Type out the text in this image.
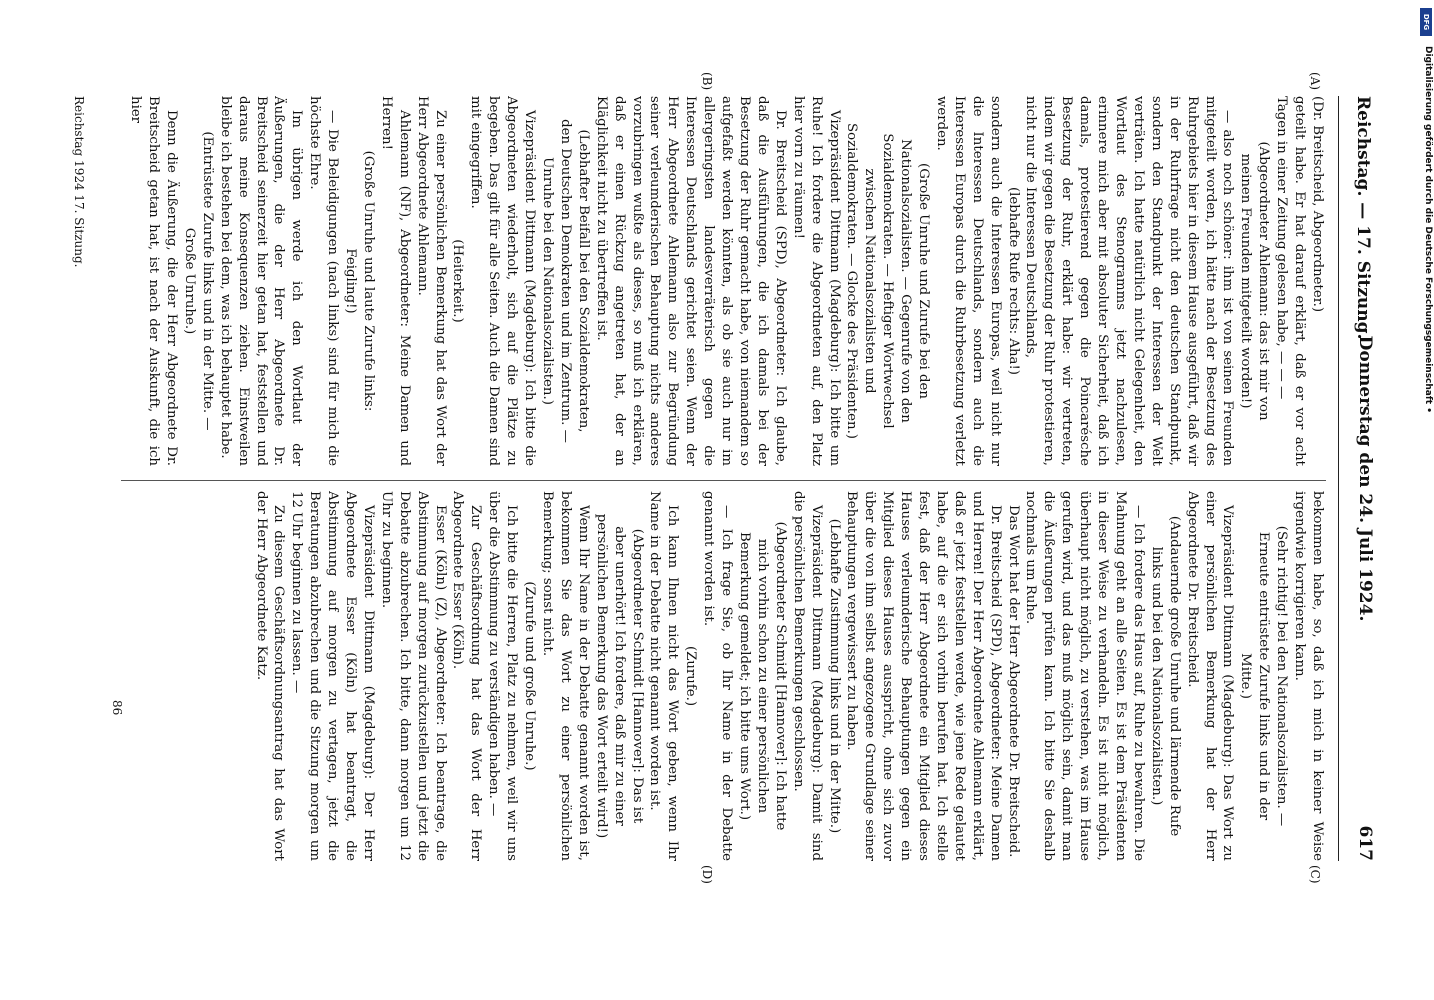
Reichstag. — 17. Sitzung.
Donnerstag den 24. Juli 1924.
617
(A)
(B)
(C)
(D)

(Dr. Breitscheid, Abgeordneter.)

geteilt habe. Er hat darauf erklärt, daß er vor acht Tagen in einer Zeitung gelesen habe, — — —

(Abgeordneter Ahlemann: das ist mir von meinen Freunden mitgeteilt worden!)

— also noch schöner: ihm ist von seinen Freunden mitgeteilt worden, ich hätte nach der Besetzung des Ruhrgebiets hier in diesem Hause ausgeführt, daß wir in der Ruhrfrage nicht den deutschen Standpunkt, sondern den Standpunkt der Interessen der Welt verträten. Ich hatte natürlich nicht Gelegenheit, den Wortlaut des Stenogramms jetzt nachzulesen, erinnere mich aber mit absoluter Sicherheit, daß ich damals, protestierend gegen die Poincarésche Besetzung der Ruhr, erklärt habe: wir vertreten, indem wir gegen die Besetzung der Ruhr protestieren, nicht nur die Interessen Deutschlands,

(lebhafte Rufe rechts: Aha!)

sondern auch die Interessen Europas, weil nicht nur die Interessen Deutschlands, sondern auch die Interessen Europas durch die Ruhrbesetzung verletzt werden.

(Große Unruhe und Zurufe bei den Nationalsozialisten. — Gegenrufe von den Sozialdemokraten. — Heftiger Wortwechsel zwischen Nationalsozialisten und Sozialdemokraten. — Glocke des Präsidenten.)

Vizepräsident Dittmann (Magdeburg): Ich bitte um Ruhe! Ich fordere die Abgeordneten auf, den Platz hier vorn zu räumen!

Dr. Breitscheid (SPD), Abgeordneter: Ich glaube, daß die Ausführungen, die ich damals bei der Besetzung der Ruhr gemacht habe, von niemandem so aufgefaßt werden könnten, als ob sie auch nur im allergeringsten landesverräterisch gegen die Interessen Deutschlands gerichtet seien. Wenn der Herr Abgeordnete Ahlemann also zur Begründung seiner verleumderischen Behauptung nichts anderes vorzubringen wußte als dieses, so muß ich erklären, daß er einen Rückzug angetreten hat, der an Kläglichkeit nicht zu übertreffen ist.

(Lebhafter Beifall bei den Sozialdemokraten, den Deutschen Demokraten und im Zentrum. — Unruhe bei den Nationalsozialisten.)

Vizepräsident Dittmann (Magdeburg): Ich bitte die Abgeordneten wiederholt, sich auf die Plätze zu begeben. Das gilt für alle Seiten. Auch die Damen sind mit eingegriffen.

(Heiterkeit.)

Zu einer persönlichen Bemerkung hat das Wort der Herr Abgeordnete Ahlemann.

Ahlemann (NF), Abgeordneter: Meine Damen und Herren!

(Große Unruhe und laute Zurufe links: Feigling!)

— Die Beleidigungen (nach links) sind für mich die höchste Ehre.

Im übrigen werde ich den Wortlaut der Äußerungen, die der Herr Abgeordnete Dr. Breitscheid seinerzeit hier getan hat, feststellen und daraus meine Konsequenzen ziehen. Einstweilen bleibe ich bestehen bei dem, was ich behauptet habe.

(Entrüstete Zurufe links und in der Mitte. — Große Unruhe.)

Denn die Äußerung, die der Herr Abgeordnete Dr. Breitscheid getan hat, ist nach der Auskunft, die ich hier

bekommen habe, so, daß ich mich in keiner Weise irgendwie korrigieren kann.

(Sehr richtig! bei den Nationalsozialisten. — Erneute entrüstete Zurufe links und in der Mitte.)

Vizepräsident Dittmann (Magdeburg): Das Wort zu einer persönlichen Bemerkung hat der Herr Abgeordnete Dr. Breitscheid.

(Andauernde große Unruhe und lärmende Rufe links und bei den Nationalsozialisten.)

— Ich fordere das Haus auf, Ruhe zu bewahren. Die Mahnung geht an alle Seiten. Es ist dem Präsidenten in dieser Weise zu verhandeln. Es ist nicht möglich, überhaupt nicht möglich, zu verstehen, was im Hause gerufen wird, und das muß möglich sein, damit man die Äußerungen prüfen kann. Ich bitte Sie deshalb nochmals um Ruhe.

Das Wort hat der Herr Abgeordnete Dr. Breitscheid.

Dr. Breitscheid (SPD), Abgeordneter: Meine Damen und Herren! Der Herr Abgeordnete Ahlemann erklärt, daß er jetzt feststellen werde, wie jene Rede gelautet habe, auf die er sich vorhin berufen hat. Ich stelle fest, daß der Herr Abgeordnete ein Mitglied dieses Hauses verleumderische Behauptungen gegen ein Mitglied dieses Hauses ausspricht, ohne sich zuvor über die von ihm selbst angezogene Grundlage seiner Behauptungen vergewissert zu haben.

(Lebhafte Zustimmung links und in der Mitte.)

Vizepräsident Dittmann (Magdeburg): Damit sind die persönlichen Bemerkungen geschlossen.

(Abgeordneter Schmidt [Hannover]: Ich hatte mich vorhin schon zu einer persönlichen Bemerkung gemeldet; ich bitte ums Wort.)

— Ich frage Sie, ob Ihr Name in der Debatte genannt worden ist.

(Zurufe.)

Ich kann Ihnen nicht das Wort geben, wenn Ihr Name in der Debatte nicht genannt worden ist.

(Abgeordneter Schmidt [Hannover]: Das ist aber unerhört! Ich fordere, daß mir zu einer persönlichen Bemerkung das Wort erteilt wird!)

Wenn Ihr Name in der Debatte genannt worden ist, bekommen Sie das Wort zu einer persönlichen Bemerkung; sonst nicht.

(Zurufe und große Unruhe.)

Ich bitte die Herren, Platz zu nehmen, weil wir uns über die Abstimmung zu verständigen haben. —

Zur Geschäftsordnung hat das Wort der Herr Abgeordnete Esser (Köln).

Esser (Köln) (Z), Abgeordneter: Ich beantrage, die Abstimmung auf morgen zurückzustellen und jetzt die Debatte abzubrechen. Ich bitte, dann morgen um 12 Uhr zu beginnen.

Vizepräsident Dittmann (Magdeburg): Der Herr Abgeordnete Esser (Köln) hat beantragt, die Abstimmung auf morgen zu vertagen, jetzt die Beratungen abzubrechen und die Sitzung morgen um 12 Uhr beginnen zu lassen. —

Zu diesem Geschäftsordnungsantrag hat das Wort der Herr Abgeordnete Katz.

86
Reichstag 1924 17. Sitzung.
DFG
Digitalisierung gefördert durch die Deutsche Forschungsgemeinschaft •
